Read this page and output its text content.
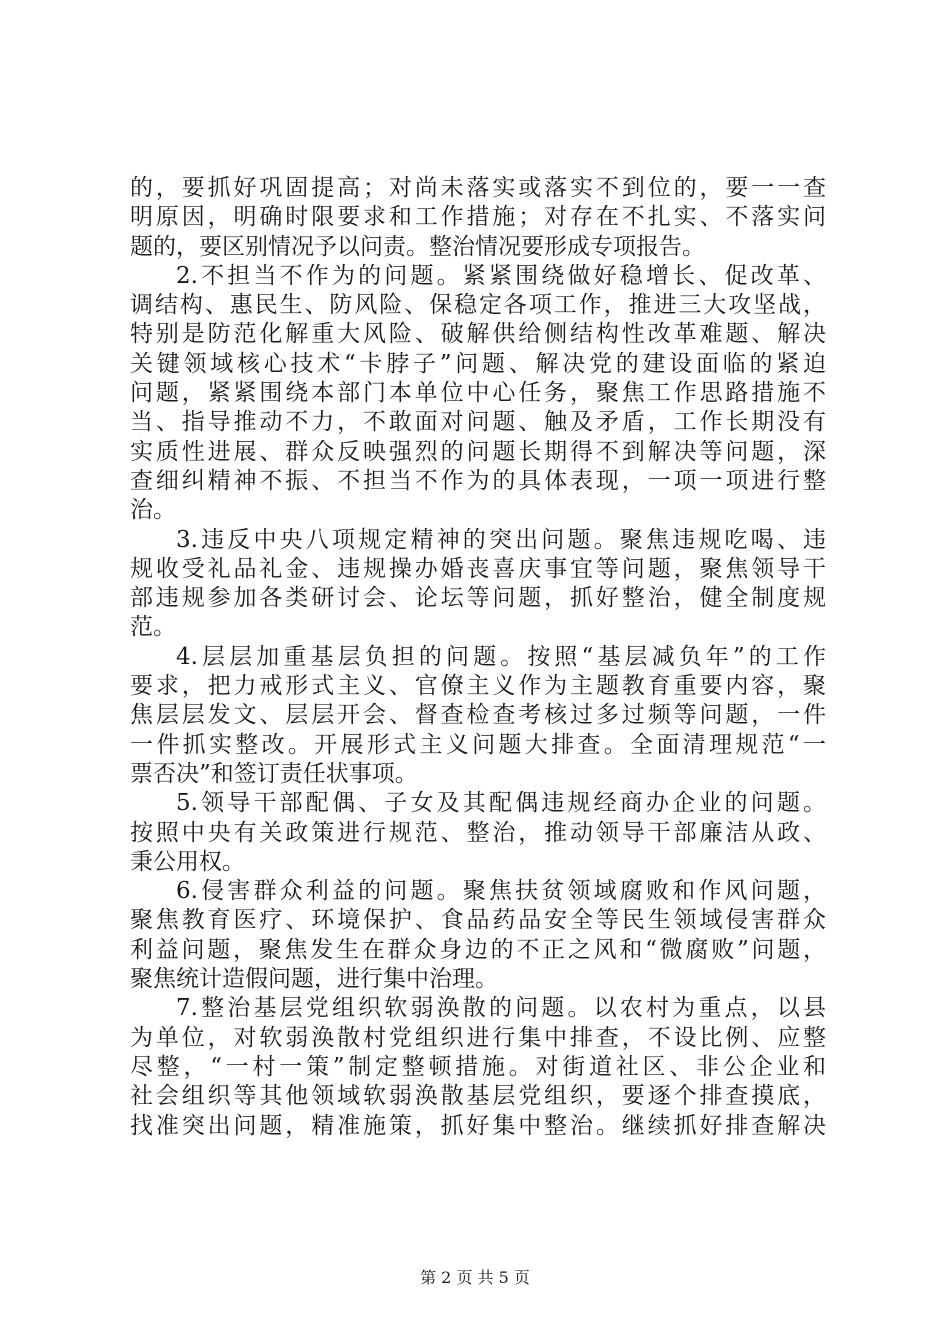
的，要抓好巩固提高；对尚未落实或落实不到位的，要一一查
明原因，明确时限要求和工作措施；对存在不扎实、不落实问
题的，要区别情况予以问责。整治情况要形成专项报告。
2.不担当不作为的问题。紧紧围绕做好稳增长、促改革、
调结构、惠民生、防风险、保稳定各项工作，推进三大攻坚战，
特别是防范化解重大风险、破解供给侧结构性改革难题、解决
关键领域核心技术“卡脖子”问题、解决党的建设面临的紧迫
问题，紧紧围绕本部门本单位中心任务，聚焦工作思路措施不
当、指导推动不力，不敢面对问题、触及矛盾，工作长期没有
实质性进展、群众反映强烈的问题长期得不到解决等问题，深
查细纠精神不振、不担当不作为的具体表现，一项一项进行整
治。
3.违反中央八项规定精神的突出问题。聚焦违规吃喝、违
规收受礼品礼金、违规操办婚丧喜庆事宜等问题，聚焦领导干
部违规参加各类研讨会、论坛等问题，抓好整治，健全制度规
范。
4.层层加重基层负担的问题。按照“基层减负年”的工作
要求，把力戒形式主义、官僚主义作为主题教育重要内容，聚
焦层层发文、层层开会、督查检查考核过多过频等问题，一件
一件抓实整改。开展形式主义问题大排查。全面清理规范“一
票否决”和签订责任状事项。
5.领导干部配偶、子女及其配偶违规经商办企业的问题。
按照中央有关政策进行规范、整治，推动领导干部廉洁从政、
秉公用权。
6.侵害群众利益的问题。聚焦扶贫领域腐败和作风问题，
聚焦教育医疗、环境保护、食品药品安全等民生领域侵害群众
利益问题，聚焦发生在群众身边的不正之风和“微腐败”问题，
聚焦统计造假问题，进行集中治理。
7.整治基层党组织软弱涣散的问题。以农村为重点，以县
为单位，对软弱涣散村党组织进行集中排查，不设比例、应整
尽整，“一村一策”制定整顿措施。对街道社区、非公企业和
社会组织等其他领域软弱涣散基层党组织，要逐个排查摸底，
找准突出问题，精准施策，抓好集中整治。继续抓好排查解决
第 2 页 共 5 页
